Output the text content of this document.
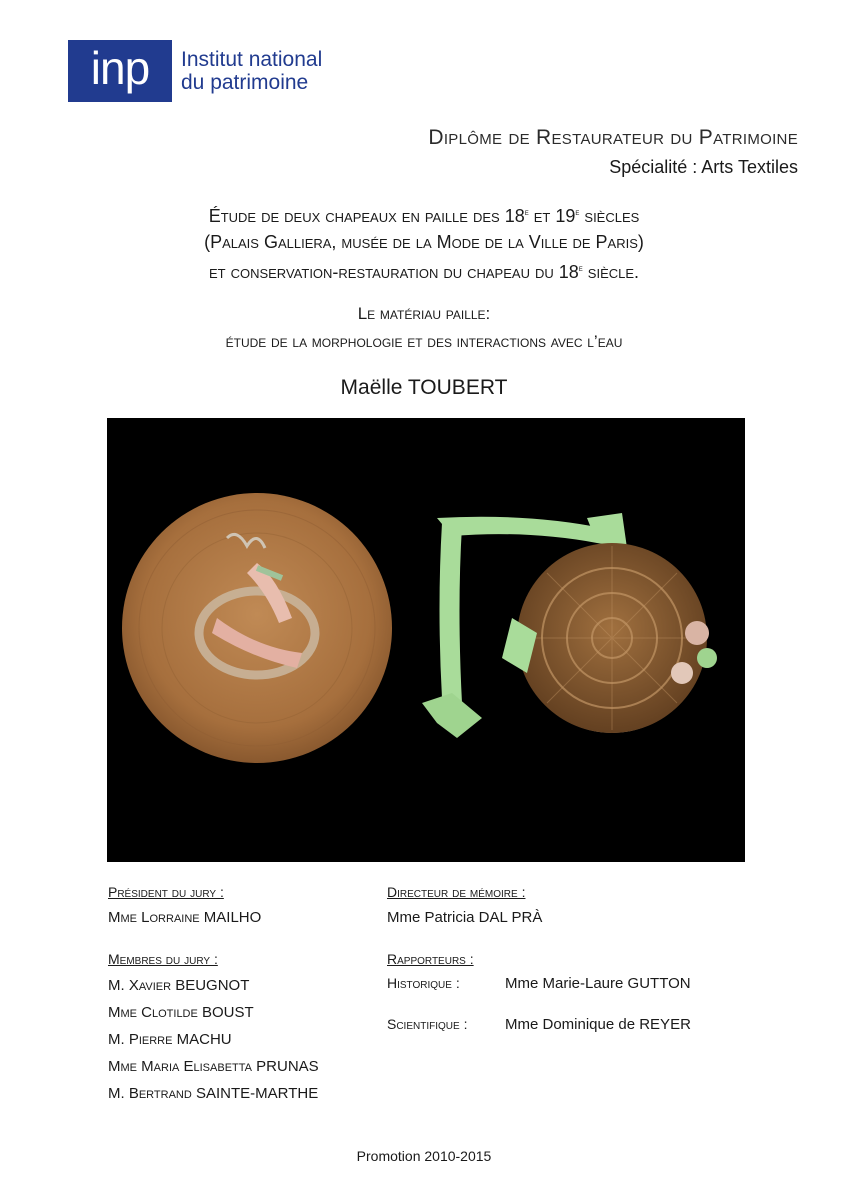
inp	Institut national
du patrimoine
Diplôme de Restaurateur du Patrimoine
Spécialité : Arts Textiles
Étude de deux chapeaux en paille des 18e et 19e siècles
(Palais Galliera, musée de la Mode de la Ville de Paris)
et conservation-restauration du chapeau du 18e siècle.
Le matériau paille:
étude de la morphologie et des interactions avec l’eau
Maëlle TOUBERT
Président du jury :
Mme Lorraine MAILHO
Membres du jury :
M. Xavier BEUGNOT
Mme Clotilde BOUST
M. Pierre MACHU
Mme Maria Elisabetta PRUNAS
M. Bertrand SAINTE-MARTHE
Directeur de mémoire :
Mme Patricia DAL PRÀ
Rapporteurs :
Historique :	Mme Marie-Laure GUTTON
Scientifique :	Mme Dominique de REYER
Promotion 2010-2015
